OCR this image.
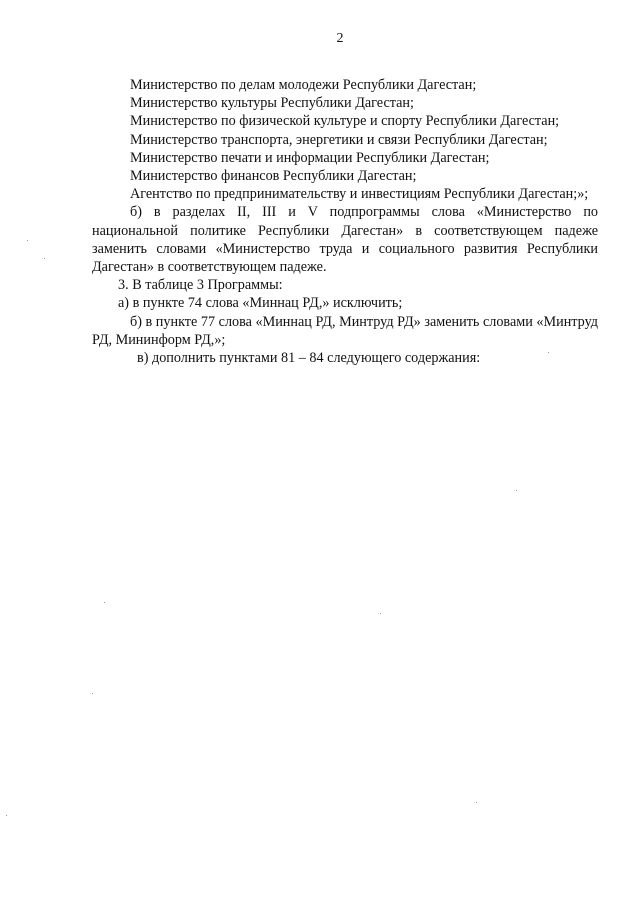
2

Министерство по делам молодежи Республики Дагестан;

Министерство культуры Республики Дагестан;

Министерство по физической культуре и спорту Республики Дагестан;

Министерство транспорта, энергетики и связи Республики Дагестан;

Министерство печати и информации Республики Дагестан;

Министерство финансов Республики Дагестан;

Агентство по предпринимательству и инвестициям Республики Дагестан;»;

б) в разделах II, III и V подпрограммы слова «Министерство по национальной политике Республики Дагестан» в соответствующем падеже заменить словами «Министерство труда и социального развития Республики Дагестан» в соответствующем падеже.

3. В таблице 3 Программы:

а) в пункте 74 слова «Миннац РД,» исключить;

б) в пункте 77 слова «Миннац РД, Минтруд РД» заменить словами «Минтруд РД, Мининформ РД,»;

в) дополнить пунктами 81 – 84 следующего содержания:
